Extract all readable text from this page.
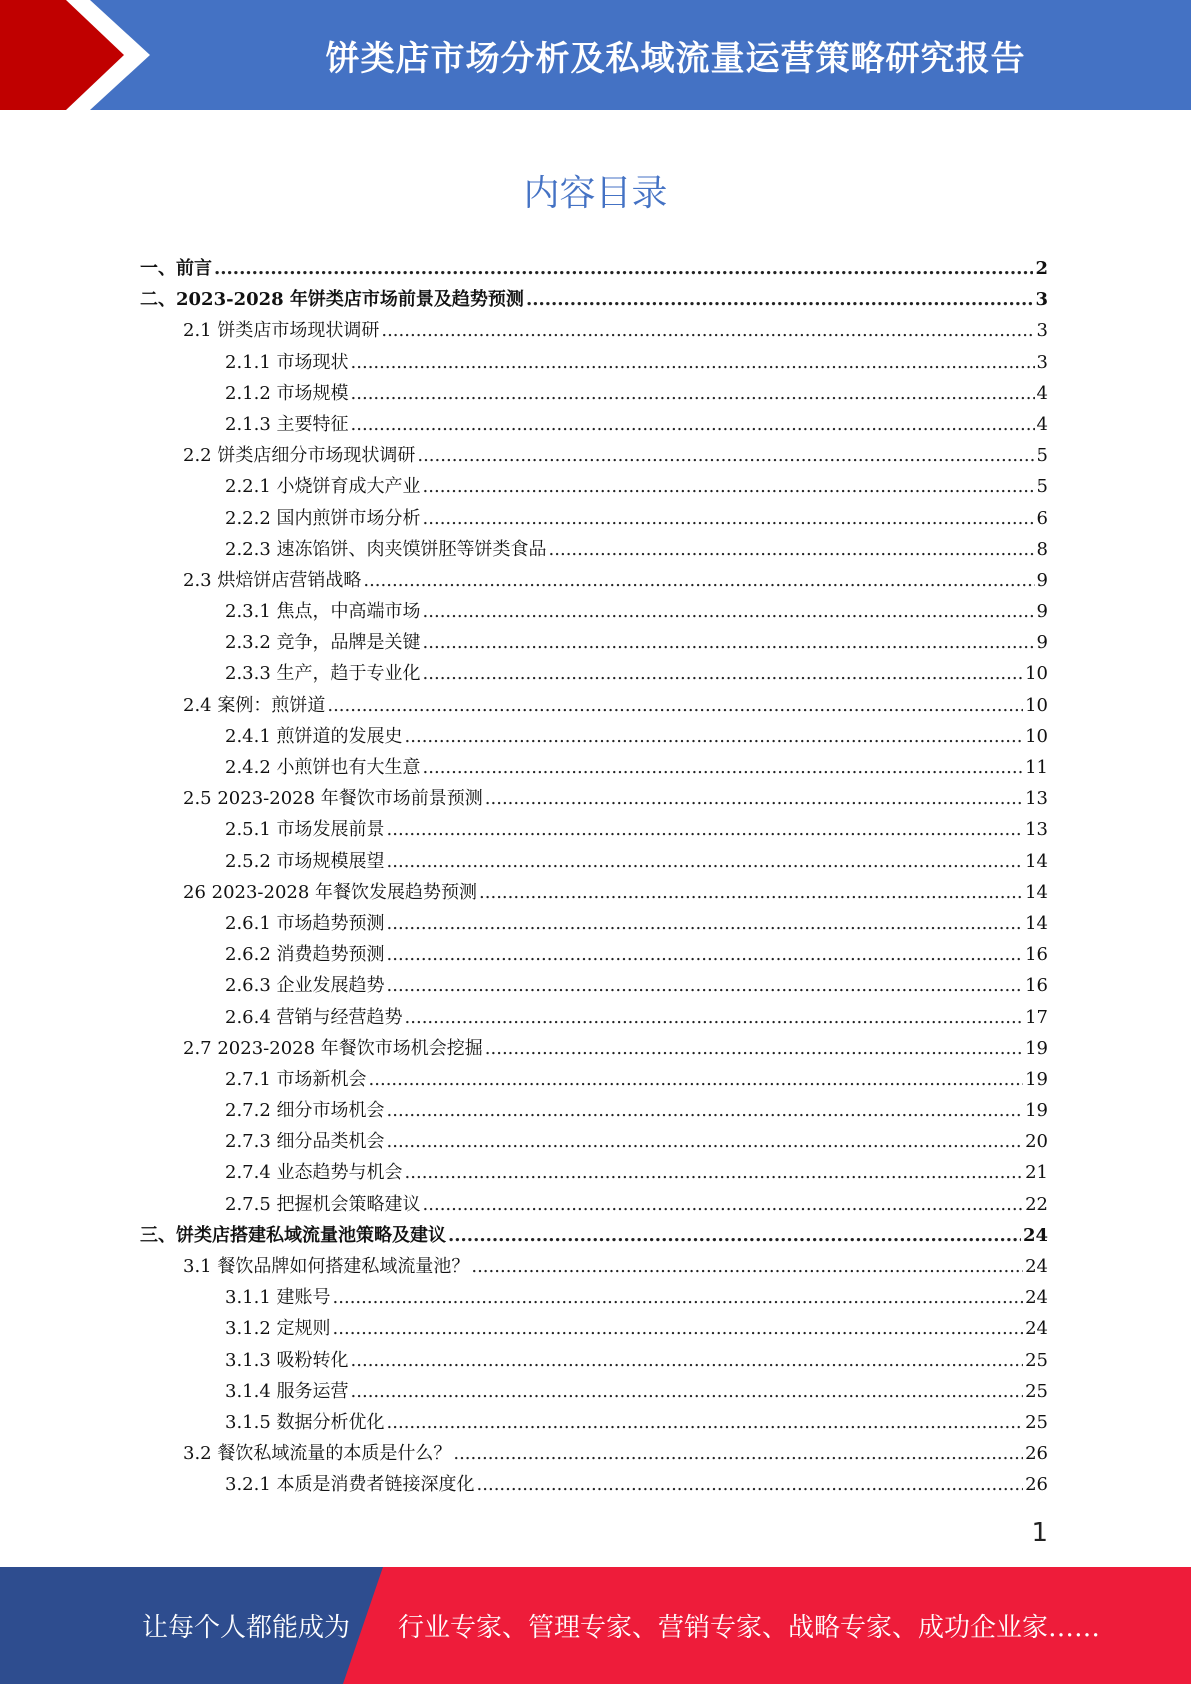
饼类店市场分析及私域流量运营策略研究报告
内容目录
一、前言 .....	2
二、2023-2028 年饼类店市场前景及趋势预测 .....	3
2.1 饼类店市场现状调研 .....	3
2.1.1 市场现状 .....	3
2.1.2 市场规模 .....	4
2.1.3 主要特征 .....	4
2.2 饼类店细分市场现状调研 .....	5
2.2.1 小烧饼育成大产业 .....	5
2.2.2 国内煎饼市场分析 .....	6
2.2.3 速冻馅饼、肉夹馍饼胚等饼类食品 .....	8
2.3 烘焙饼店营销战略 .....	9
2.3.1 焦点，中高端市场 .....	9
2.3.2 竞争，品牌是关键 .....	9
2.3.3 生产，趋于专业化 .....	10
2.4 案例：煎饼道 .....	10
2.4.1 煎饼道的发展史 .....	10
2.4.2 小煎饼也有大生意 .....	11
2.5 2023-2028 年餐饮市场前景预测 .....	13
2.5.1 市场发展前景 .....	13
2.5.2 市场规模展望 .....	14
26 2023-2028 年餐饮发展趋势预测 .....	14
2.6.1 市场趋势预测 .....	14
2.6.2 消费趋势预测 .....	16
2.6.3 企业发展趋势 .....	16
2.6.4 营销与经营趋势 .....	17
2.7 2023-2028 年餐饮市场机会挖掘 .....	19
2.7.1 市场新机会 .....	19
2.7.2 细分市场机会 .....	19
2.7.3 细分品类机会 .....	20
2.7.4 业态趋势与机会 .....	21
2.7.5 把握机会策略建议 .....	22
三、饼类店搭建私域流量池策略及建议 .....	24
3.1 餐饮品牌如何搭建私域流量池？ .....	24
3.1.1 建账号 .....	24
3.1.2 定规则 .....	24
3.1.3 吸粉转化 .....	25
3.1.4 服务运营 .....	25
3.1.5 数据分析优化 .....	25
3.2 餐饮私域流量的本质是什么？ .....	26
3.2.1 本质是消费者链接深度化 .....	26
1
让每个人都能成为 行业专家、管理专家、营销专家、战略专家、成功企业家……
